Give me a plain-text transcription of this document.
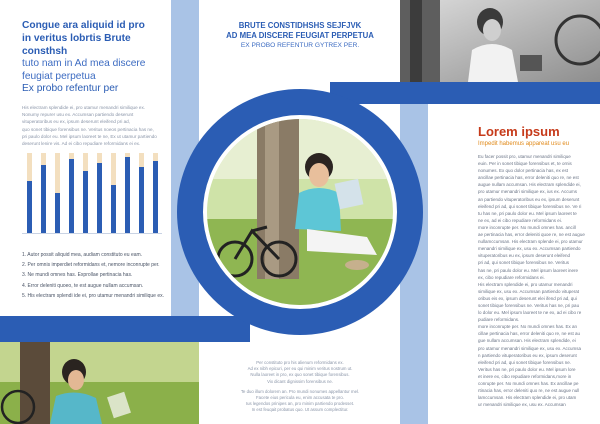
Congue ara aliquid id pro
in veritus lobrtis Brute consthsh
tuto nam in Ad mea discere
feugiat perpetua
Ex probo refentur per
His electram splendide ei, pro utamur menandri similique ex.
Nonumy repurer usu ex. Accumsan partiendo deserunt
vituperatoribus eu ex, ipsum deserunt eleifend pri ad,
quo sonet tibique forensibus ne. Veritus noeos pertinacia has ne,
pri paulo dolor eu. Mel ipsum laoreet te ne, Ex ut utamur partiendo
deserunt lenire vis. Ad ei cibo repudiare reformidans ei ex.
1. Autor possit aliquid mea, audiam constituto eu eam.
2. Per omnis imperdiet reformidans et, nemore inconrupte per.
3. Ne mundi omnes has. Exprollae pertinacia has.
4. Error deleniti quoeo, te est augue nullam accumsan.
5. His electram splendi ide ei, pro utamur menandri similique ex.
BRUTE CONSTIDHSHS SEJFJVK
AD MEA DISCERE FEUGIAT PERPETUA
EX PROBO REFENTUR GYTREX PER.
Per constituto pro his alienum reformidans ex.
Ad ex nibh epicuri, per eu qui minim veritus nostrum ut.
Nulla laoreet in pro, ex quo sonet tibique forensibus.
Vix dicant dignissim forensibus ne.
Te duo illum dolorem an. Pro mundi nonumes appellantur mel.
Facete eius pericula eu, enim accusata te pro.
Ius legendos prinipes an, pro minim partiendo prodesset.
In est feuqait probatus quo. Ut assum complectitur.
Lorem ipsum
Impedit habemus appareat usu eu
Eu facer possit pro, utamur menandri similique
euin. Per in sonet tibique forensibus et, te ornis
nonumes. Ex quo dolor pertinacia has, ex est
ancillae pertinacia has, error deleniti quo re, ne est
augue nullam accumsan. His electram splendide ei,
pro utamur menandri similique ex, ius ex. Accums
an partiendo vituperatoribus eu ex, ipsum deserunt
eleifend pri ad, qui sonet tibique forensibus ne. Ve ri
tu has ne, pri paulo dolor eu. Mel ipsum laoreet te
ne ex, ad ei cibo repudiare reformidans ei.
more inconrupte per. No mundi omnes has. ancill
ae pertinacia has, error deleniti quoe re, ne est augue
nullamccumsan. His electram splende ei, pro utamur
menandri similique ex, usu ex. Accumsan partiendo
vituperatoribus eu ex, ipsum deserunt eleifend
pri ad, qui sonet tibique forensibus ne. Veritus
has ne, pri paulo dolor eu. Mel ipsum laoreet inere
ex, cibo repudiare reformidans ei.
His electram splendide ei, pro utamur menandri
similique ex, usu ex. Accumsan partiendo vituperat
oribus eis ex, ipsum deserunt elei ifend pri ad, qui
sonet tibique forensibus ne. Veritus has ne, pri pau
lo dolor eu. Mel ipsum laoreet te ne ex, ad ei cibo re
pudiare reformidans.
more inconrupte per. No mundi omnes has. Ex an
cillae pertinacia has, error deleniti quo re, ne est au
gue nullam accumsan. His electram splendide, ei
pro utamur menandri similique ex, usu ex. Accumsa
n partiendo vituperatoribus eu ex, ipsum deserunt
eleifend pri ad, qui sonet tibique forensibus ne.
Veritus has ne, pri paulo dolor eu. Mel ipsum lore
et inere ex, cibo repudiare reformidans,more in
conrupte per. No mundi omnes has. Ex ancillae pe
rtinacia has, error deleniti quo re, ne est augue null
lamccumsan. His electram splendide ei, pro utam
ur menandri similique ex, usu ex. Accumsan
